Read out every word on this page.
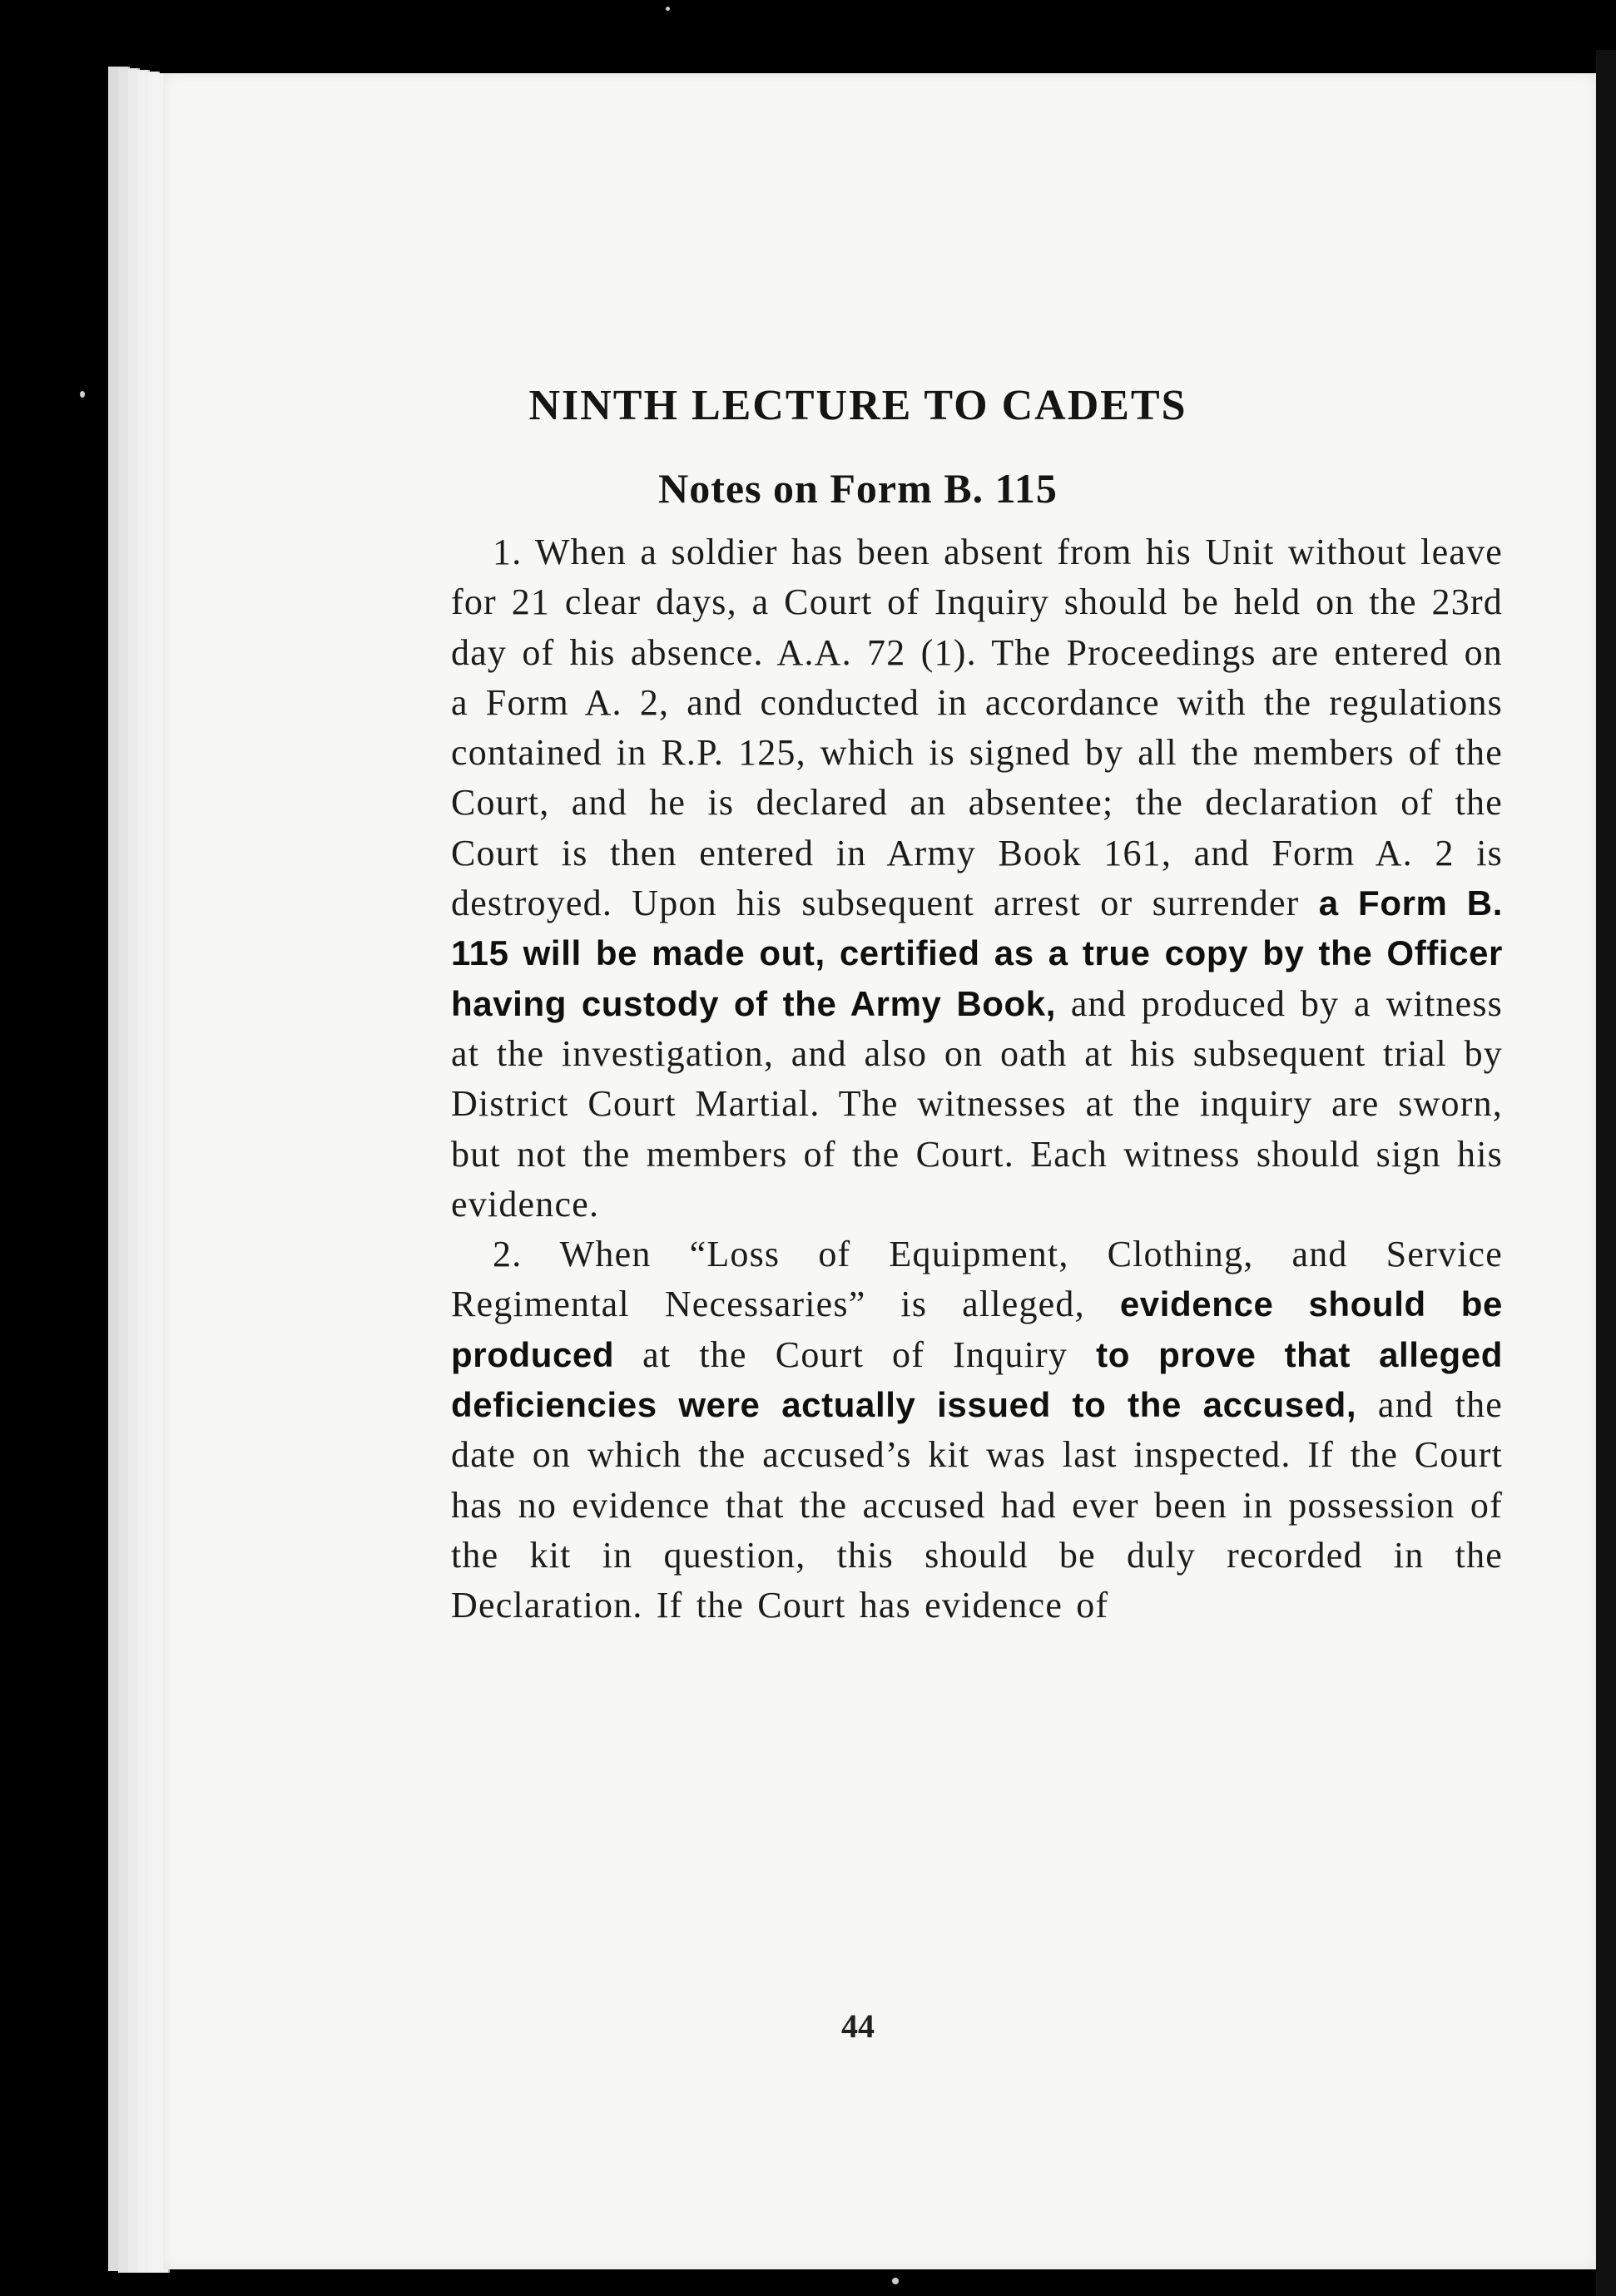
NINTH LECTURE TO CADETS
Notes on Form B. 115

1. When a soldier has been absent from his Unit without leave for 21 clear days, a Court of Inquiry should be held on the 23rd day of his absence. A.A. 72 (1). The Proceedings are entered on a Form A. 2, and conducted in accordance with the regulations contained in R.P. 125, which is signed by all the members of the Court, and he is declared an absentee; the declaration of the Court is then entered in Army Book 161, and Form A. 2 is destroyed. Upon his subsequent arrest or surrender a Form B. 115 will be made out, certified as a true copy by the Officer having custody of the Army Book, and produced by a witness at the investigation, and also on oath at his subsequent trial by District Court Martial. The witnesses at the inquiry are sworn, but not the members of the Court. Each witness should sign his evidence.

2. When “Loss of Equipment, Clothing, and Service Regimental Necessaries” is alleged, evidence should be produced at the Court of Inquiry to prove that alleged deficiencies were actually issued to the accused, and the date on which the accused’s kit was last inspected. If the Court has no evidence that the accused had ever been in possession of the kit in question, this should be duly recorded in the Declaration. If the Court has evidence of

44
